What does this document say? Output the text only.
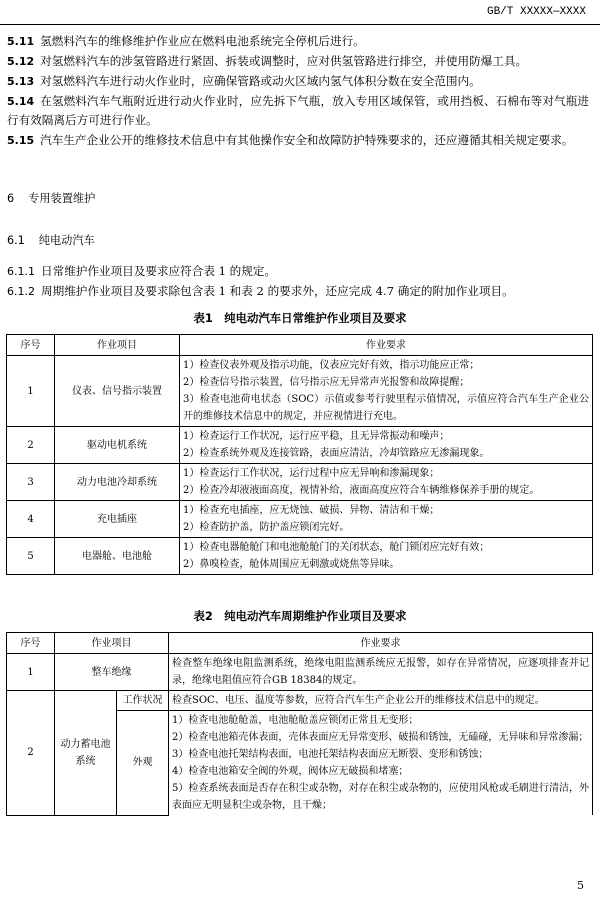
GB/T XXXXX—XXXX
5.11 氢燃料汽车的维修维护作业应在燃料电池系统完全停机后进行。
5.12 对氢燃料汽车的涉氢管路进行紧固、拆装或调整时，应对供氢管路进行排空，并使用防爆工具。
5.13 对氢燃料汽车进行动火作业时，应确保管路或动火区域内氢气体积分数在安全范围内。
5.14 在氢燃料汽车气瓶附近进行动火作业时，应先拆下气瓶，放入专用区域保管，或用挡板、石棉布等对气瓶进行有效隔离后方可进行作业。
5.15 汽车生产企业公开的维修技术信息中有其他操作安全和故障防护特殊要求的，还应遵循其相关规定要求。
6 专用装置维护
6.1 纯电动汽车
6.1.1 日常维护作业项目及要求应符合表 1 的规定。
6.1.2 周期维护作业项目及要求除包含表 1 和表 2 的要求外，还应完成 4.7 确定的附加作业项目。
表1　纯电动汽车日常维护作业项目及要求
序号	作业项目	作业要求
1	仪表、信号指示装置	1）检查仪表外观及指示功能，仪表应完好有效，指示功能应正常；
2）检查信号指示装置，信号指示应无异常声光报警和故障提醒；
3）检查电池荷电状态（SOC）示值或参考行驶里程示值情况，示值应符合汽车生产企业公开的维修技术信息中的规定，并应视情进行充电。

2	驱动电机系统	1）检查运行工作状况，运行应平稳，且无异常振动和噪声；
2）检查系统外观及连接管路，表面应清洁，冷却管路应无渗漏现象。

3	动力电池冷却系统	1）检查运行工作状况，运行过程中应无异响和渗漏现象；
2）检查冷却液液面高度，视情补给，液面高度应符合车辆维修保养手册的规定。

4	充电插座	1）检查充电插座，应无烧蚀、破损、异物、清洁和干燥；
2）检查防护盖，防护盖应锁闭完好。

5	电器舱、电池舱	1）检查电器舱舱门和电池舱舱门的关闭状态，舱门锁闭应完好有效；
2）鼻嗅检查，舱体周围应无刺激或烧焦等异味。
表2　纯电动汽车周期维护作业项目及要求
序号	作业项目		作业要求
1	整车绝缘		检查整车绝缘电阻监测系统，绝缘电阻监测系统应无报警，如存在异常情况，应逐项排查并记录，绝缘电阻值应符合GB 18384的规定。

2	动力蓄电池系统	工作状况	检查SOC、电压、温度等参数，应符合汽车生产企业公开的维修技术信息中的规定。

		外观	1）检查电池舱舱盖，电池舱舱盖应锁闭正常且无变形；
2）检查电池箱壳体表面，壳体表面应无异常变形、破损和锈蚀，无磕碰，无异味和异常渗漏；
3）检查电池托架结构表面，电池托架结构表面应无断裂、变形和锈蚀；
4）检查电池箱安全阀的外观，阀体应无破损和堵塞；
5）检查系统表面是否存在积尘或杂物，对存在积尘或杂物的，应使用风枪或毛刷进行清洁，外表面应无明显积尘或杂物，且干燥；
5
